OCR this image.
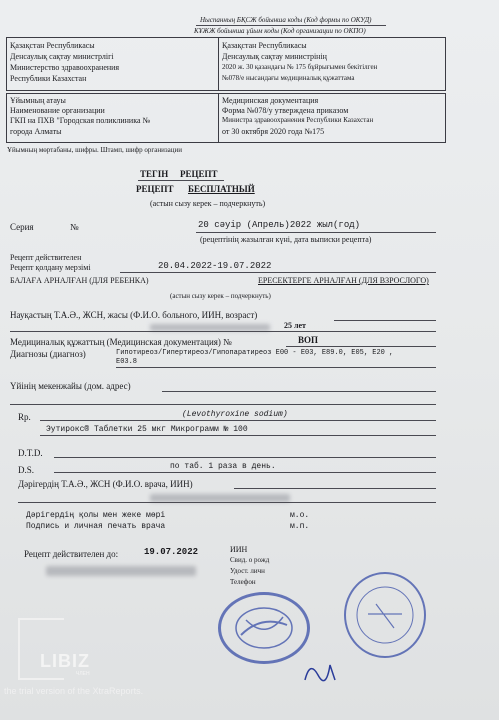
Ныспанның БҚСЖ бойынша коды (Код формы по ОКУД)
КҰЖЖ бойынша ұйым коды (Код организации по ОКПО)
Қазақстан Республикасы
Денсаулық сақтау министрлігі
Министерство здравоохранения
Республики Казахстан
Қазақстан Республикасы
Денсаулық сақтау министрінің
2020 ж. 30 қазандағы № 175 бұйрығымен бекітілген
№078/е нысандағы медициналық құжаттама
Ұйымның атауы
Наименование организации
ГКП на ПХВ "Городская поликлиника №
города Алматы
Медицинская документация
Форма №078/у утверждена приказом
Министра здравоохранения Республики Казахстан
от 30 октября 2020 года №175
Ұйымның мөртабаны, шифры. Штамп, шифр организации
ТЕГІН РЕЦЕПТ
РЕЦЕПТ БЕСПЛАТНЫЙ
(астын сызу керек – подчеркнуть)
Серия	№	20 сәуір (Апрель)2022 жыл(год)
(рецептінің жазылған күні, дата выписки рецепта)
Рецепт действителен
Рецепт қолдану мерзімі	20.04.2022-19.07.2022
БАЛАҒА АРНАЛҒАН (ДЛЯ РЕБЕНКА)	ЕРЕСЕКТЕРГЕ АРНАЛҒАН (ДЛЯ ВЗРОСЛОГО)
(астын сызу керек – подчеркнуть)
Науқастың Т.А.Ә., ЖСН, жасы (Ф.И.О. больного, ИИН, возраст)
25 лет
Медициналық құжаттың (Медицинская документация) №	ВОП
Диагнозы (диагноз)	Гипотиреоз/Гипертиреоз/Гипопаратиреоз E00 - E03, E89.0, E05, E20 ,
E03.8
Үйінің мекенжайы (дом. адрес)
Rp.	(Levothyroxine sodium)
Эутирокс® Таблетки 25 мкг Микрограмм № 100
D.T.D.
D.S.	по таб. 1 раза в день.
Дәрігердің Т.А.Ә., ЖСН (Ф.И.О. врача, ИИН)
Дәрігердің қолы мен жеке мөрі
Подпись и личная печать врача
м.о.
м.п.
Рецепт действителен до:	19.07.2022	ИИН
Свид. о рожд
Удост. личн
Телефон
LIBIZ
ЧЛЕН
the trial version of the XtraReports.
